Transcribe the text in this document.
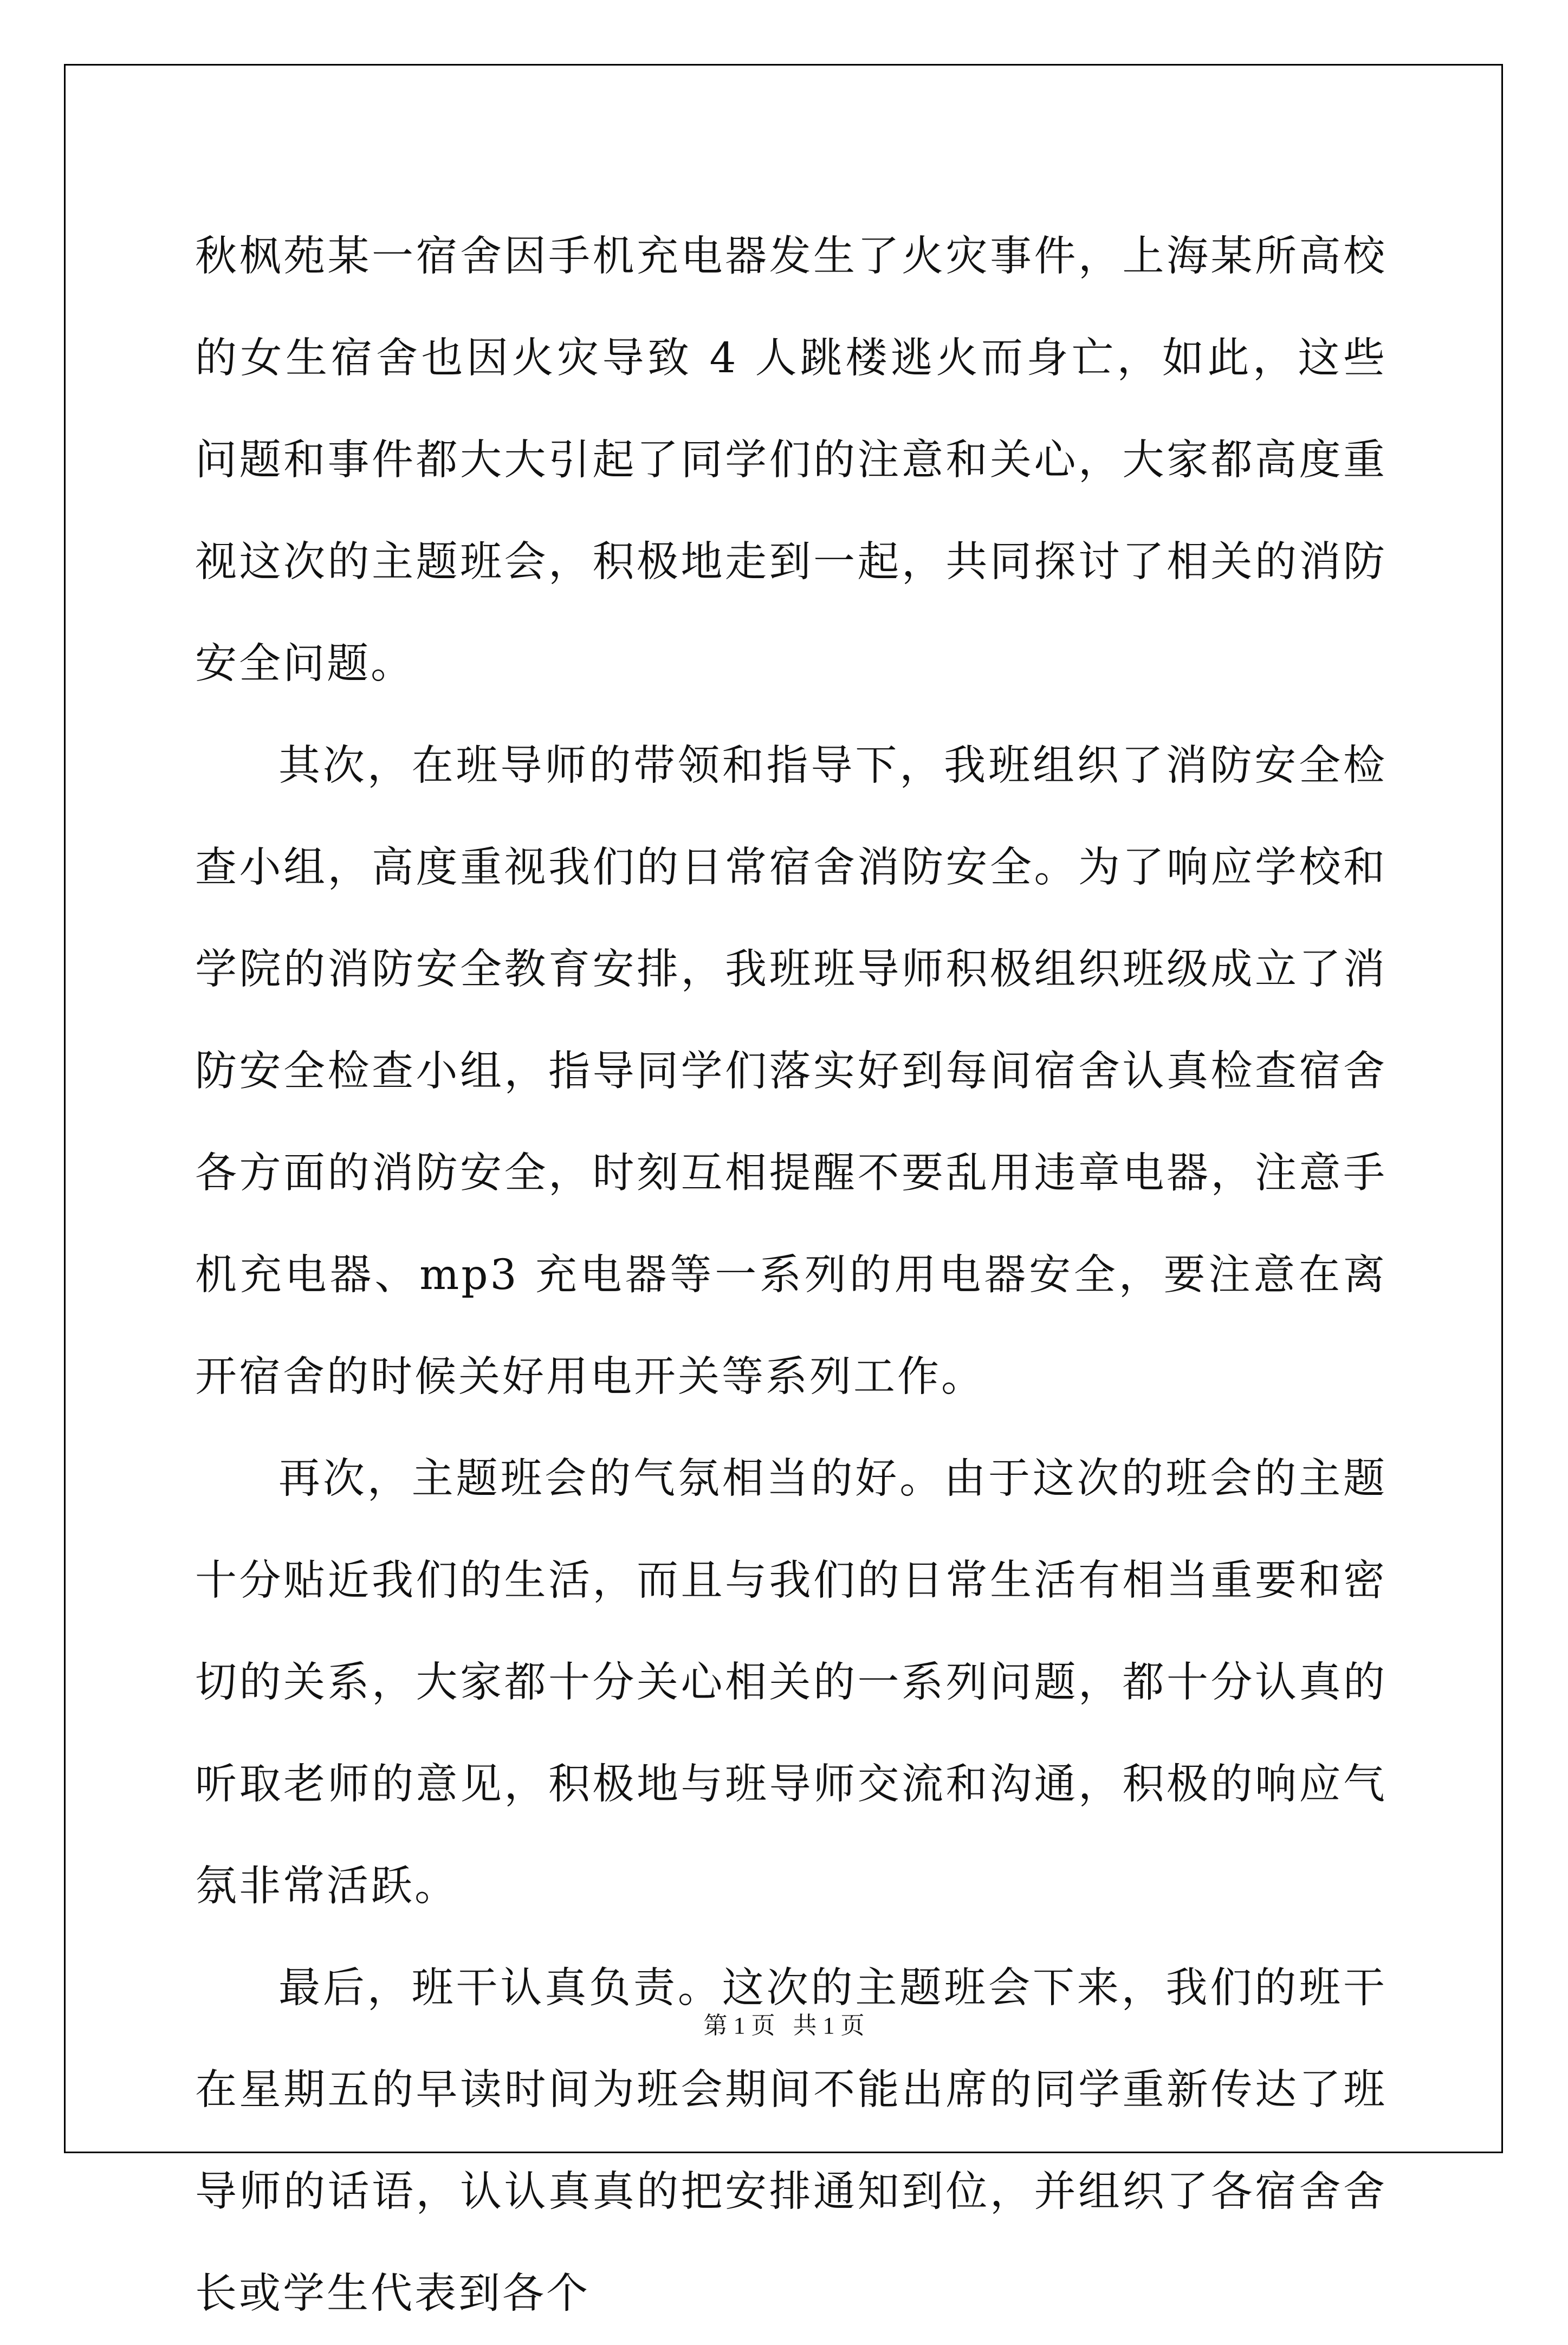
秋枫苑某一宿舍因手机充电器发生了火灾事件，上海某所高校的女生宿舍也因火灾导致 4 人跳楼逃火而身亡，如此，这些问题和事件都大大引起了同学们的注意和关心，大家都高度重视这次的主题班会，积极地走到一起，共同探讨了相关的消防安全问题。

其次，在班导师的带领和指导下，我班组织了消防安全检查小组，高度重视我们的日常宿舍消防安全。为了响应学校和学院的消防安全教育安排，我班班导师积极组织班级成立了消防安全检查小组，指导同学们落实好到每间宿舍认真检查宿舍各方面的消防安全，时刻互相提醒不要乱用违章电器，注意手机充电器、mp3 充电器等一系列的用电器安全，要注意在离开宿舍的时候关好用电开关等系列工作。

再次，主题班会的气氛相当的好。由于这次的班会的主题十分贴近我们的生活，而且与我们的日常生活有相当重要和密切的关系，大家都十分关心相关的一系列问题，都十分认真的听取老师的意见，积极地与班导师交流和沟通，积极的响应气氛非常活跃。

最后，班干认真负责。这次的主题班会下来，我们的班干在星期五的早读时间为班会期间不能出席的同学重新传达了班导师的话语，认认真真的把安排通知到位，并组织了各宿舍舍长或学生代表到各个

第 1 页   共 1 页
